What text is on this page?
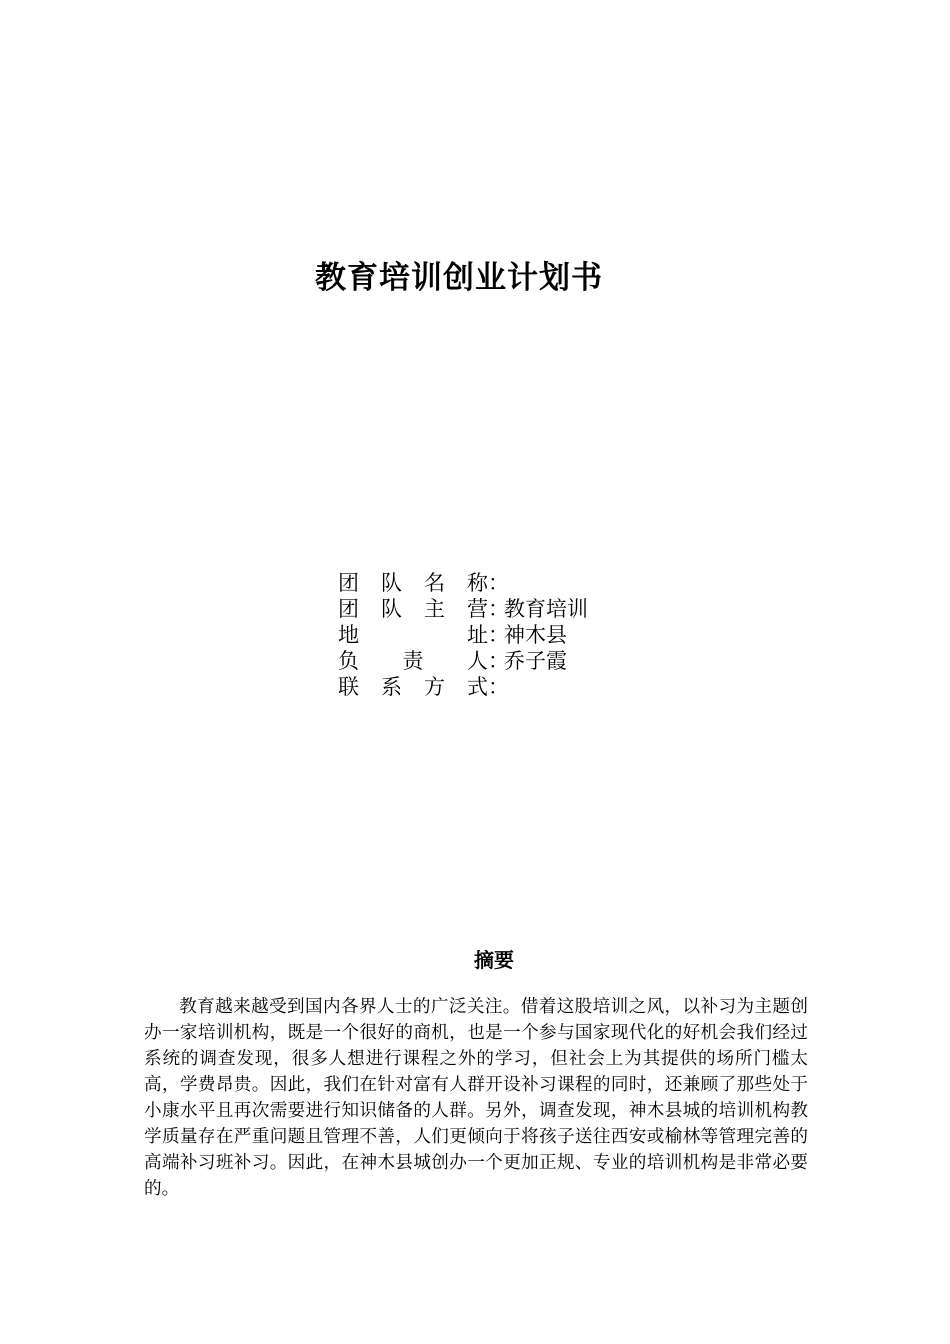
教育培训创业计划书
团队名称 ：
团队主营 ：
教育培训
地址 ：
神木县
负责人 ：
乔子霞
联系方式 ：
摘要

教育越来越受到国内各界人士的广泛关注。借着这股培训之风，以补习为主题创办一家培训机构，既是一个很好的商机，也是一个参与国家现代化的好机会我们经过系统的调查发现，很多人想进行课程之外的学习，但社会上为其提供的场所门槛太高，学费昂贵。因此，我们在针对富有人群开设补习课程的同时，还兼顾了那些处于小康水平且再次需要进行知识储备的人群。另外，调查发现，神木县城的培训机构教学质量存在严重问题且管理不善，人们更倾向于将孩子送往西安或榆林等管理完善的高端补习班补习。因此，在神木县城创办一个更加正规、专业的培训机构是非常必要的。
